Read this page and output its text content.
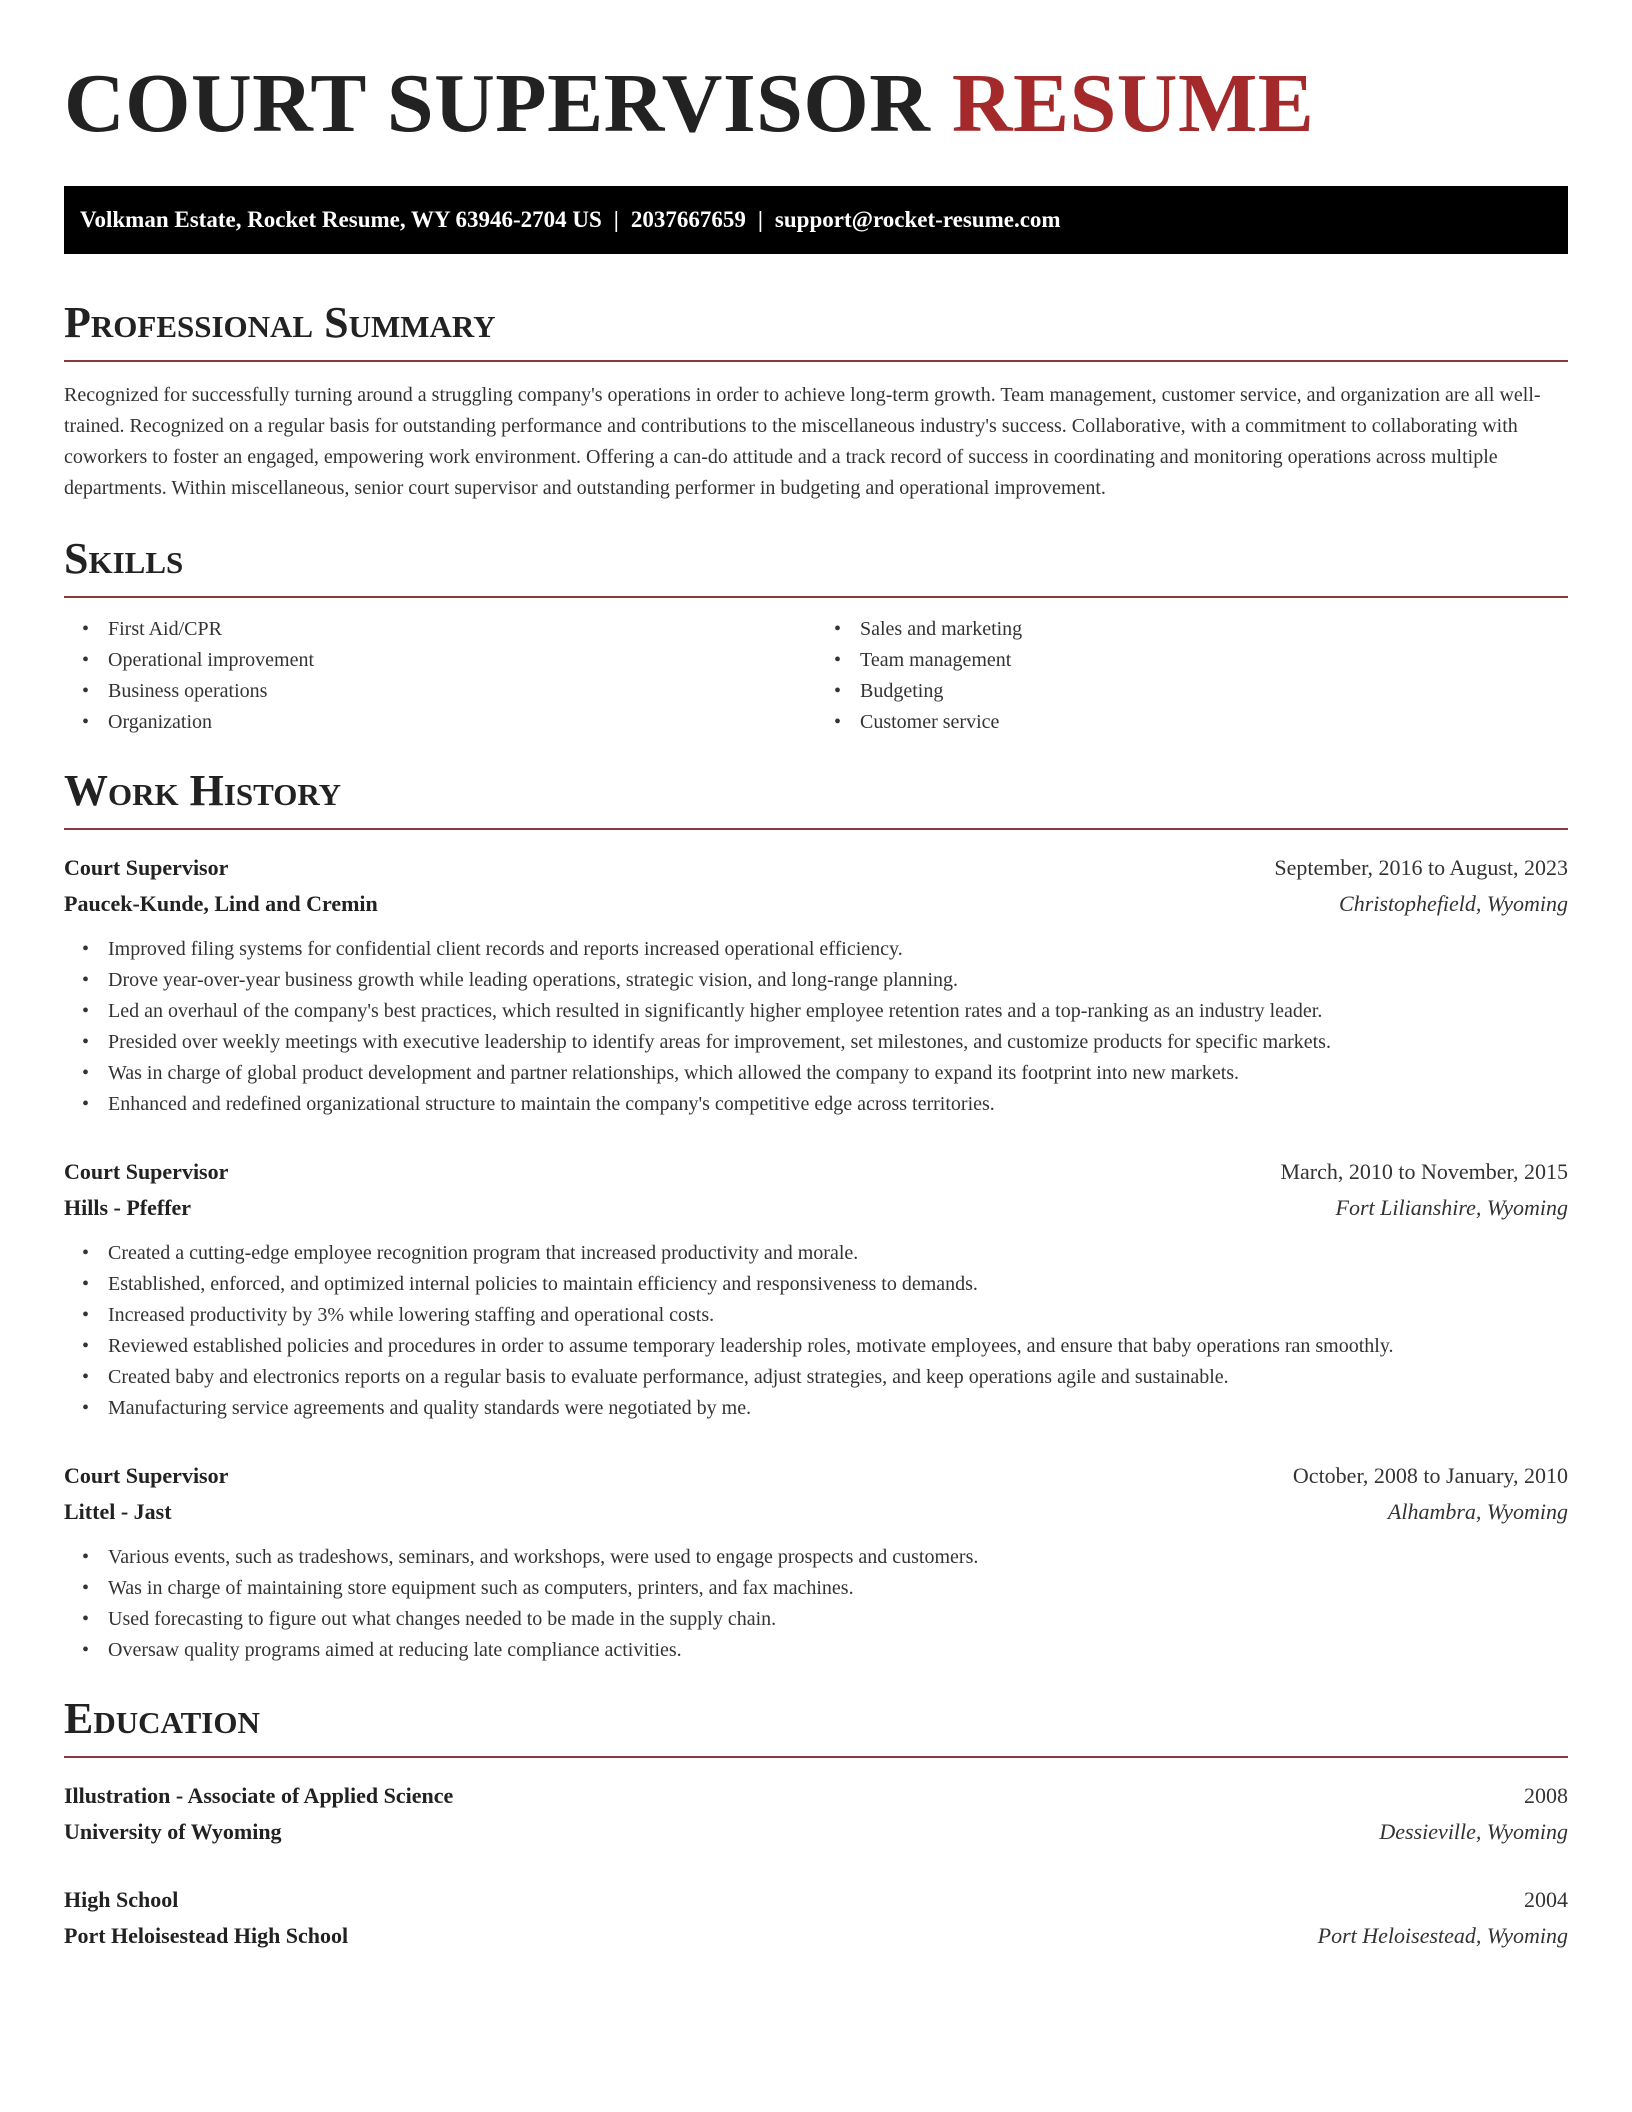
COURT SUPERVISOR RESUME
Volkman Estate, Rocket Resume, WY 63946-2704 US | 2037667659 | support@rocket-resume.com
Professional Summary

Recognized for successfully turning around a struggling company's operations in order to achieve long-term growth. Team management, customer service, and organization are all well-trained. Recognized on a regular basis for outstanding performance and contributions to the miscellaneous industry's success. Collaborative, with a commitment to collaborating with coworkers to foster an engaged, empowering work environment. Offering a can-do attitude and a track record of success in coordinating and monitoring operations across multiple departments. Within miscellaneous, senior court supervisor and outstanding performer in budgeting and operational improvement.

Skills
• First Aid/CPR
• Operational improvement
• Business operations
• Organization
• Sales and marketing
• Team management
• Budgeting
• Customer service
Work History
Court Supervisor	September, 2016 to August, 2023
Paucek-Kunde, Lind and Cremin	Christophefield, Wyoming
• Improved filing systems for confidential client records and reports increased operational efficiency.
• Drove year-over-year business growth while leading operations, strategic vision, and long-range planning.
• Led an overhaul of the company's best practices, which resulted in significantly higher employee retention rates and a top-ranking as an industry leader.
• Presided over weekly meetings with executive leadership to identify areas for improvement, set milestones, and customize products for specific markets.
• Was in charge of global product development and partner relationships, which allowed the company to expand its footprint into new markets.
• Enhanced and redefined organizational structure to maintain the company's competitive edge across territories.
Court Supervisor	March, 2010 to November, 2015
Hills - Pfeffer	Fort Lilianshire, Wyoming
• Created a cutting-edge employee recognition program that increased productivity and morale.
• Established, enforced, and optimized internal policies to maintain efficiency and responsiveness to demands.
• Increased productivity by 3% while lowering staffing and operational costs.
• Reviewed established policies and procedures in order to assume temporary leadership roles, motivate employees, and ensure that baby operations ran smoothly.
• Created baby and electronics reports on a regular basis to evaluate performance, adjust strategies, and keep operations agile and sustainable.
• Manufacturing service agreements and quality standards were negotiated by me.
Court Supervisor	October, 2008 to January, 2010
Littel - Jast	Alhambra, Wyoming
• Various events, such as tradeshows, seminars, and workshops, were used to engage prospects and customers.
• Was in charge of maintaining store equipment such as computers, printers, and fax machines.
• Used forecasting to figure out what changes needed to be made in the supply chain.
• Oversaw quality programs aimed at reducing late compliance activities.
Education
Illustration - Associate of Applied Science	2008
University of Wyoming	Dessieville, Wyoming
High School	2004
Port Heloisestead High School	Port Heloisestead, Wyoming
